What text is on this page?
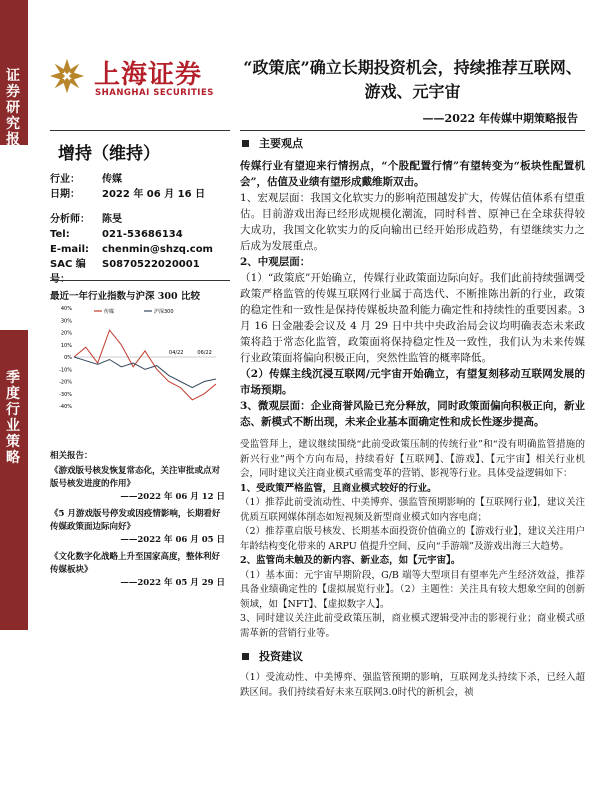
证券研究报告
季度行业策略
上海证券
SHANGHAI SECURITIES
“政策底”确立长期投资机会，持续推荐互联网、游戏、元宇宙
——2022 年传媒中期策略报告
增持（维持）
行业：	传媒
日期：	2022 年 06 月 16 日
分析师：	陈旻
Tel:	021-53686134
E-mail:	chenmin@shzq.com
SAC 编号：
S0870522020001
最近一年行业指数与沪深 300 比较
40%
30%
20%
10%
0%
-10%
-20%
-30%
-40%
04/22	06/22
传媒	沪深300
相关报告：
《游戏版号核发恢复常态化，关注审批或点对版号核发进度的作用》
——2022 年 06 月 12 日
《5 月游戏版号停发或因疫情影响，长期看好传媒政策面边际向好》
——2022 年 06 月 05 日
《文化数字化战略上升至国家高度，整体利好传媒板块》
——2022 年 05 月 29 日
主要观点

传媒行业有望迎来行情拐点，“个股配置行情”有望转变为“板块性配置机会”，估值及业绩有望形成戴维斯双击。

1、宏观层面：我国文化软实力的影响范围越发扩大，传媒估值体系有望重估。目前游戏出海已经形成规模化潮流，同时科普、原神已在全球获得较大成功，我国文化软实力的反向输出已经开始形成趋势，有望继续实力之后成为发展重点。

2、中观层面：

（1）“政策底”开始确立，传媒行业政策面边际向好。我们此前持续强调受政策严格监管的传媒互联网行业属于高迭代、不断推陈出新的行业，政策的稳定性和一致性是保持传媒板块盈利能力确定性和持续性的重要因素。3 月 16 日金融委会议及 4 月 29 日中共中央政治局会议均明确表态未来政策将趋于常态化监管，政策面将保持稳定性及一致性，我们认为未来传媒行业政策面将偏向积极正向，突然性监管的概率降低。

（2）传媒主线沉浸互联网/元宇宙开始确立，有望复刻移动互联网发展的市场预期。

3、微观层面：企业商誉风险已充分释放，同时政策面偏向积极正向，新业态、新模式不断出现，未来企业基本面确定性和成长性逐步提高。

受监管拜上，建议继续围绕“此前受政策压制的传统行业”和“没有明确监管措施的新兴行业”两个方向布局，持续看好【互联网】、【游戏】、【元宇宙】相关行业机会，同时建议关注商业模式亟需变革的营销、影视等行业。具体受益逻辑如下：

1、受政策严格监管，且商业模式较好的行业。

（1）推荐此前受流动性、中美博弈、强监管预期影响的【互联网行业】，建议关注优质互联网媒体削态如短视频及新型商业模式如内容电商；

（2）推荐重启版号核发、长期基本面投资价值确立的【游戏行业】，建议关注用户年龄结构变化带来的 ARPU 值提升空间、反向“手游端”及游戏出海三大趋势。

2、监管尚未触及的新内容、新业态，如【元宇宙】。

（1）基本面：元宇宙早期阶段，G/B 端等大型项目有望率先产生经济效益，推荐具备业绩确定性的【虚拟展览行业】。（2）主题性：关注具有较大想象空间的创新领域，如【NFT】、【虚拟数字人】。

3、同时建议关注此前受政策压制，商业模式逻辑受冲击的影视行业；商业模式亟需革新的营销行业等。

投资建议

（1）受流动性、中美博弈、强监管预期的影响，互联网龙头持续下杀，已经入超跌区间。我们持续看好未来互联网3.0时代的新机会，祯
